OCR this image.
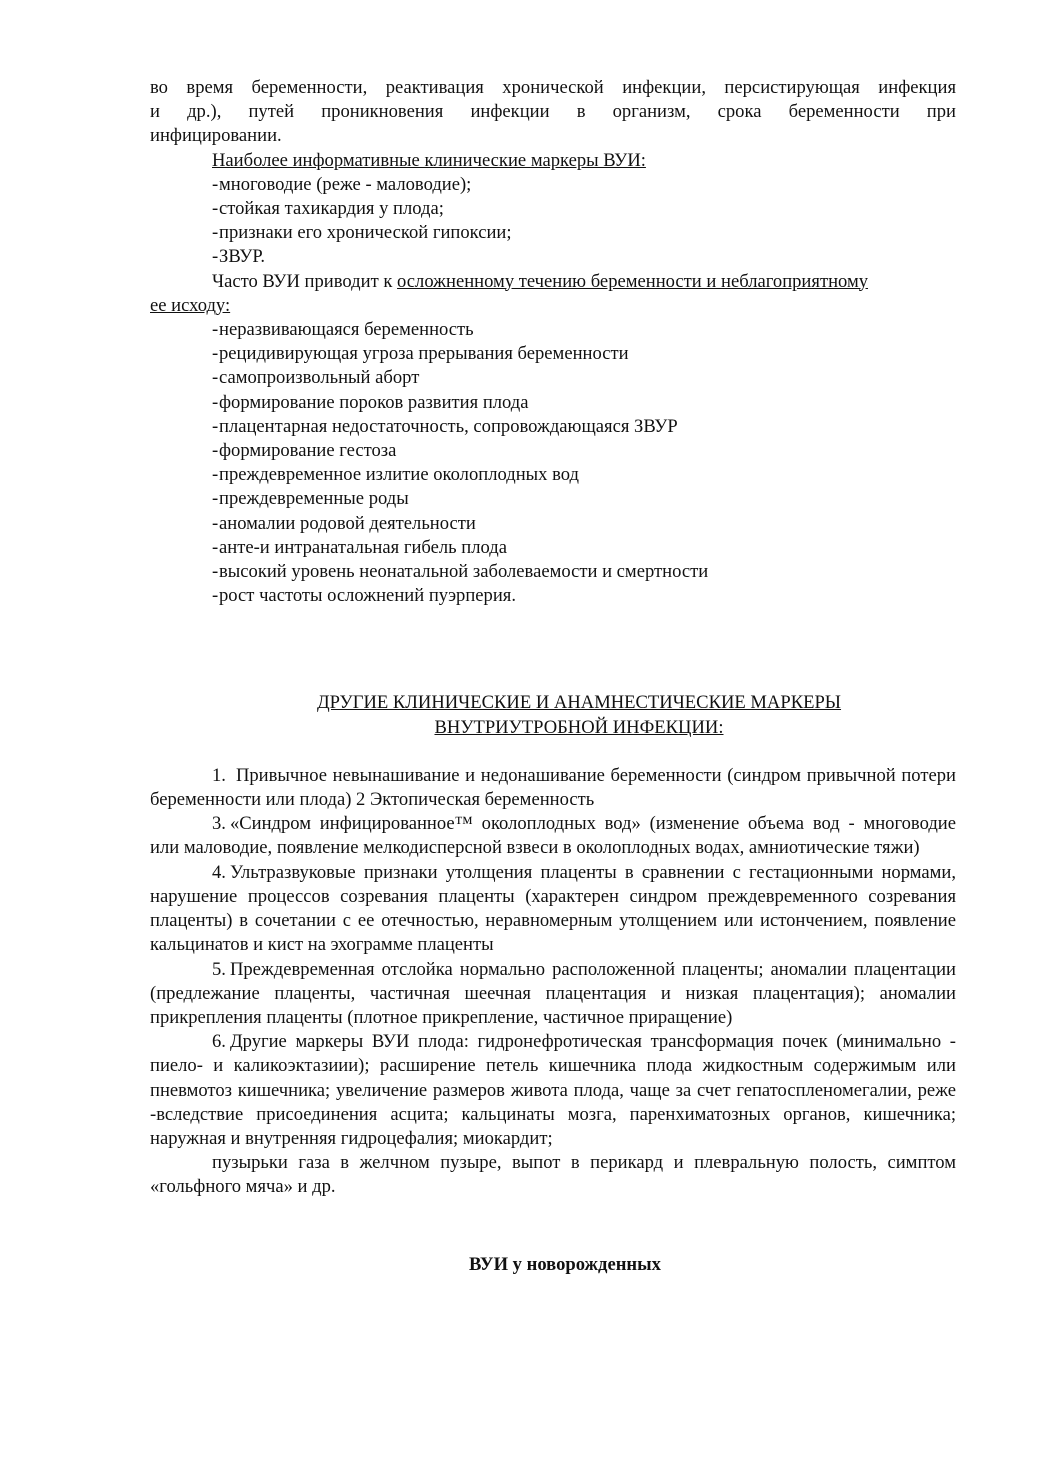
во время беременности, реактивация хронической инфекции, персистирующая инфекция

и др.), путей проникновения инфекции в организм, срока беременности при

инфицировании.

Наиболее информативные клинические маркеры ВУИ:

-многоводие (реже - маловодие);

-стойкая тахикардия у плода;

-признаки его хронической гипоксии;

-ЗВУР.

Часто ВУИ приводит к осложненному течению беременности и неблагоприятному

ее исходу:

-неразвивающаяся беременность

-рецидивирующая угроза прерывания беременности

-самопроизвольный аборт

-формирование пороков развития плода

-плацентарная недостаточность, сопровождающаяся ЗВУР

-формирование гестоза

-преждевременное излитие околоплодных вод

-преждевременные роды

-аномалии родовой деятельности

-анте-и интранатальная гибель плода

-высокий уровень неонатальной заболеваемости и смертности

-рост частоты осложнений пуэрперия.

ДРУГИЕ КЛИНИЧЕСКИЕ И АНАМНЕСТИЧЕСКИЕ МАРКЕРЫ
ВНУТРИУТРОБНОЙ ИНФЕКЦИИ:

1. Привычное невынашивание и недонашивание беременности (синдром привычной потери беременности или плода) 2 Эктопическая беременность

3. «Синдром инфицированное™ околоплодных вод» (изменение объема вод - многоводие или маловодие, появление мелкодисперсной взвеси в околоплодных водах, амниотические тяжи)

4. Ультразвуковые признаки утолщения плаценты в сравнении с гестационными нормами, нарушение процессов созревания плаценты (характерен синдром преждевременного созревания плаценты) в сочетании с ее отечностью, неравномерным утолщением или истончением, появление кальцинатов и кист на эхограмме плаценты

5. Преждевременная отслойка нормально расположенной плаценты; аномалии плацентации (предлежание плаценты, частичная шеечная плацентация и низкая плацентация); аномалии прикрепления плаценты (плотное прикрепление, частичное приращение)

6. Другие маркеры ВУИ плода: гидронефротическая трансформация почек (минимально - пиело- и каликоэктазиии); расширение петель кишечника плода жидкостным содержимым или пневмотоз кишечника; увеличение размеров живота плода, чаще за счет гепатоспленомегалии, реже -вследствие присоединения асцита; кальцинаты мозга, паренхиматозных органов, кишечника; наружная и внутренняя гидроцефалия; миокардит;

пузырьки газа в желчном пузыре, выпот в перикард и плевральную полость, симптом «гольфного мяча» и др.

ВУИ у новорожденных
